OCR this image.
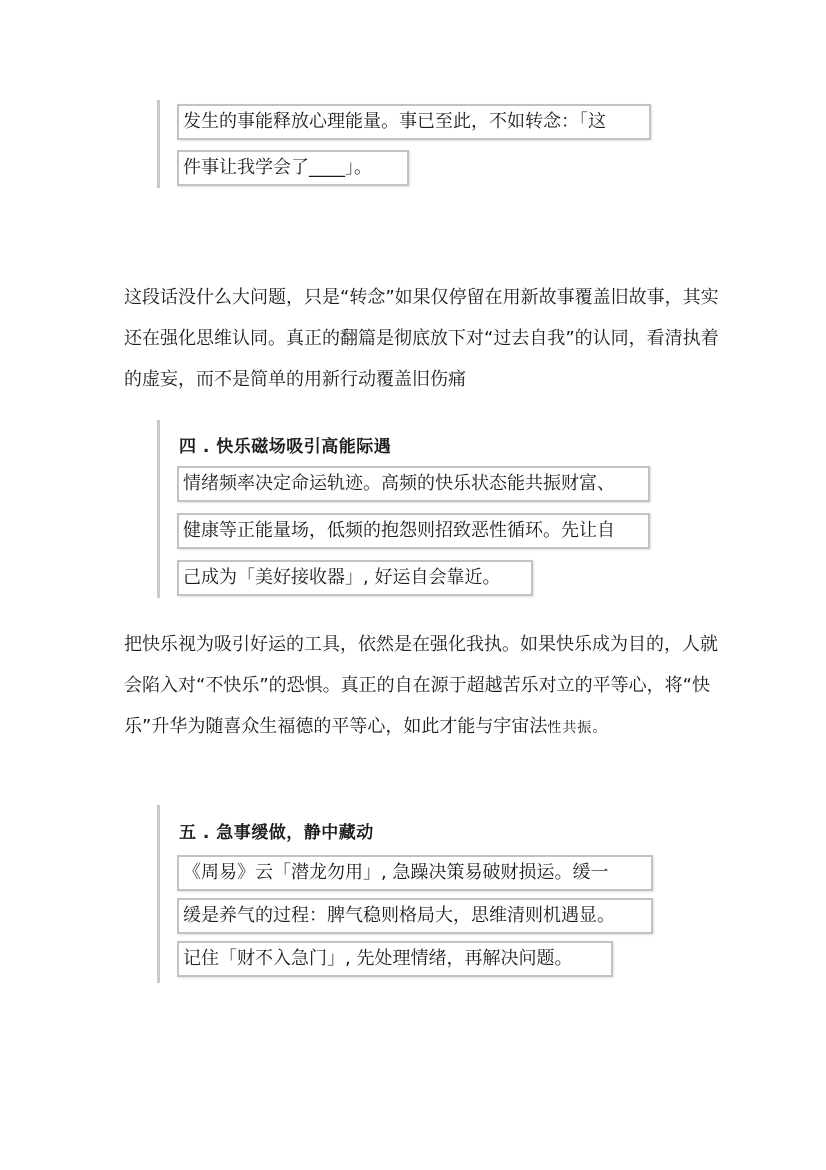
发生的事能释放心理能量。事已至此，不如转念：「这
件事让我学会了____」。

这段话没什么大问题，只是“转念”如果仅停留在用新故事覆盖旧故事，其实还在强化思维认同。真正的翻篇是彻底放下对“过去自我”的认同，看清执着的虚妄，而不是简单的用新行动覆盖旧伤痛

四 . 快乐磁场吸引高能际遇
情绪频率决定命运轨迹。高频的快乐状态能共振财富、
健康等正能量场，低频的抱怨则招致恶性循环。先让自
己成为「美好接收器」, 好运自会靠近。

把快乐视为吸引好运的工具，依然是在强化我执。如果快乐成为目的，人就会陷入对“不快乐”的恐惧。真正的自在源于超越苦乐对立的平等心，将“快乐”升华为随喜众生福德的平等心，如此才能与宇宙法性共振。

五 . 急事缓做，静中藏动
《周易》云「潜龙勿用」, 急躁决策易破财损运。缓一
缓是养气的过程：脾气稳则格局大，思维清则机遇显。
记住「财不入急门」, 先处理情绪，再解决问题。
